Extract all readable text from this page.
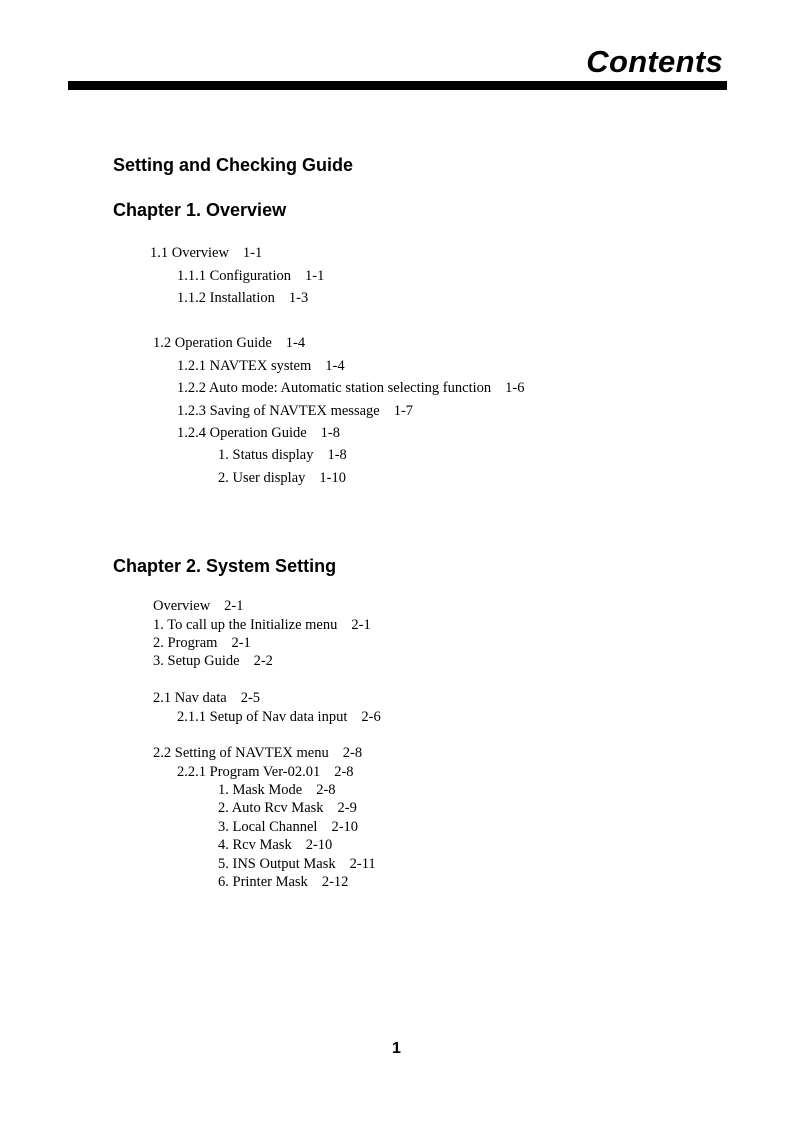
Contents
Setting and Checking Guide
Chapter 1. Overview
Chapter 2. System Setting
1.1 Overview 1-1
1.1.1 Configuration 1-1
1.1.2 Installation 1-3
1.2 Operation Guide 1-4
1.2.1 NAVTEX system 1-4
1.2.2 Auto mode: Automatic station selecting function 1-6
1.2.3 Saving of NAVTEX message 1-7
1.2.4 Operation Guide 1-8
1. Status display 1-8
2. User display 1-10
Overview 2-1
1. To call up the Initialize menu 2-1
2. Program 2-1
3. Setup Guide 2-2
2.1 Nav data 2-5
2.1.1 Setup of Nav data input 2-6
2.2 Setting of NAVTEX menu 2-8
2.2.1 Program Ver-02.01 2-8
1. Mask Mode 2-8
2. Auto Rcv Mask 2-9
3. Local Channel 2-10
4. Rcv Mask 2-10
5. INS Output Mask 2-11
6. Printer Mask 2-12
1
